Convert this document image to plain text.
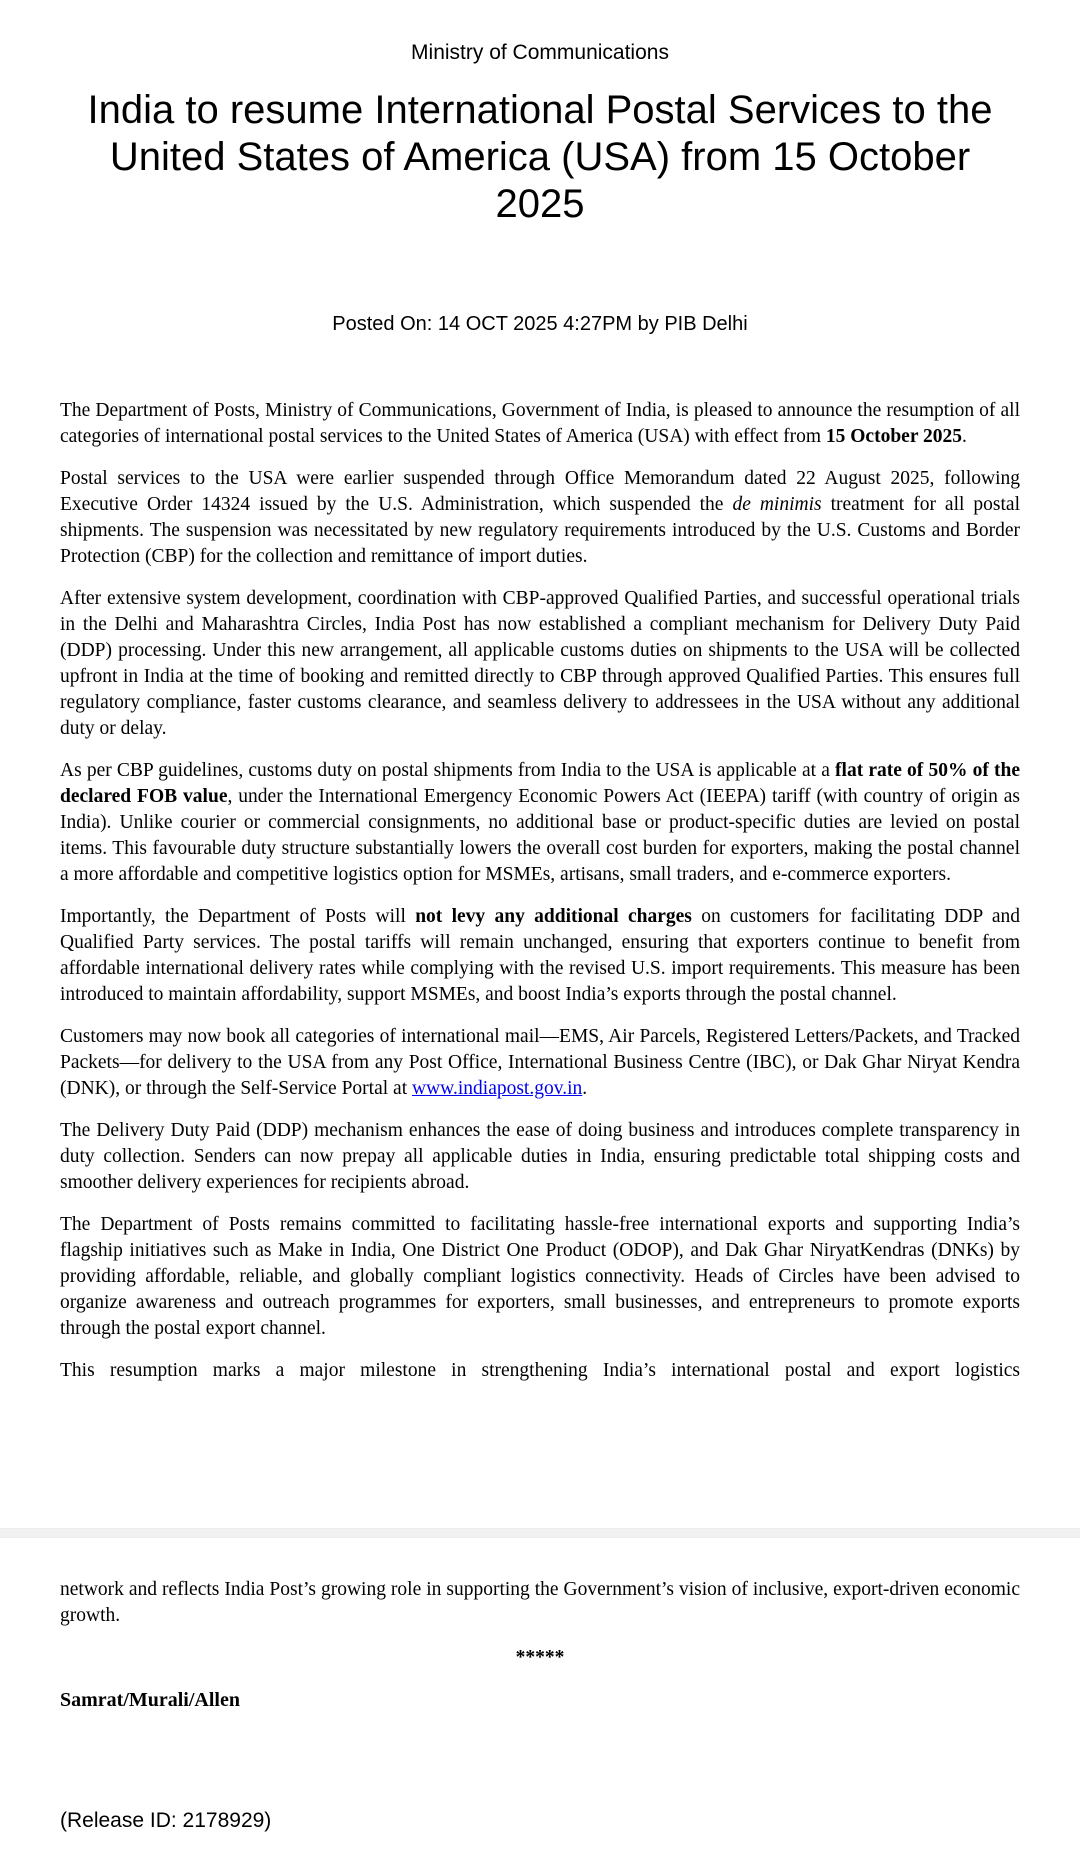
Ministry of Communications
India to resume International Postal Services to the United States of America (USA) from 15 October 2025
Posted On: 14 OCT 2025 4:27PM by PIB Delhi

The Department of Posts, Ministry of Communications, Government of India, is pleased to announce the resumption of all categories of international postal services to the United States of America (USA) with effect from 15 October 2025.

Postal services to the USA were earlier suspended through Office Memorandum dated 22 August 2025, following Executive Order 14324 issued by the U.S. Administration, which suspended the de minimis treatment for all postal shipments. The suspension was necessitated by new regulatory requirements introduced by the U.S. Customs and Border Protection (CBP) for the collection and remittance of import duties.

After extensive system development, coordination with CBP-approved Qualified Parties, and successful operational trials in the Delhi and Maharashtra Circles, India Post has now established a compliant mechanism for Delivery Duty Paid (DDP) processing. Under this new arrangement, all applicable customs duties on shipments to the USA will be collected upfront in India at the time of booking and remitted directly to CBP through approved Qualified Parties. This ensures full regulatory compliance, faster customs clearance, and seamless delivery to addressees in the USA without any additional duty or delay.

As per CBP guidelines, customs duty on postal shipments from India to the USA is applicable at a flat rate of 50% of the declared FOB value, under the International Emergency Economic Powers Act (IEEPA) tariff (with country of origin as India). Unlike courier or commercial consignments, no additional base or product-specific duties are levied on postal items. This favourable duty structure substantially lowers the overall cost burden for exporters, making the postal channel a more affordable and competitive logistics option for MSMEs, artisans, small traders, and e-commerce exporters.

Importantly, the Department of Posts will not levy any additional charges on customers for facilitating DDP and Qualified Party services. The postal tariffs will remain unchanged, ensuring that exporters continue to benefit from affordable international delivery rates while complying with the revised U.S. import requirements. This measure has been introduced to maintain affordability, support MSMEs, and boost India’s exports through the postal channel.

Customers may now book all categories of international mail—EMS, Air Parcels, Registered Letters/Packets, and Tracked Packets—for delivery to the USA from any Post Office, International Business Centre (IBC), or Dak Ghar Niryat Kendra (DNK), or through the Self-Service Portal at www.indiapost.gov.in.

The Delivery Duty Paid (DDP) mechanism enhances the ease of doing business and introduces complete transparency in duty collection. Senders can now prepay all applicable duties in India, ensuring predictable total shipping costs and smoother delivery experiences for recipients abroad.

The Department of Posts remains committed to facilitating hassle-free international exports and supporting India’s flagship initiatives such as Make in India, One District One Product (ODOP), and Dak Ghar NiryatKendras (DNKs) by providing affordable, reliable, and globally compliant logistics connectivity. Heads of Circles have been advised to organize awareness and outreach programmes for exporters, small businesses, and entrepreneurs to promote exports through the postal export channel.

This resumption marks a major milestone in strengthening India’s international postal and export logistics

network and reflects India Post’s growing role in supporting the Government’s vision of inclusive, export-driven economic growth.

*****
Samrat/Murali/Allen
(Release ID: 2178929)
